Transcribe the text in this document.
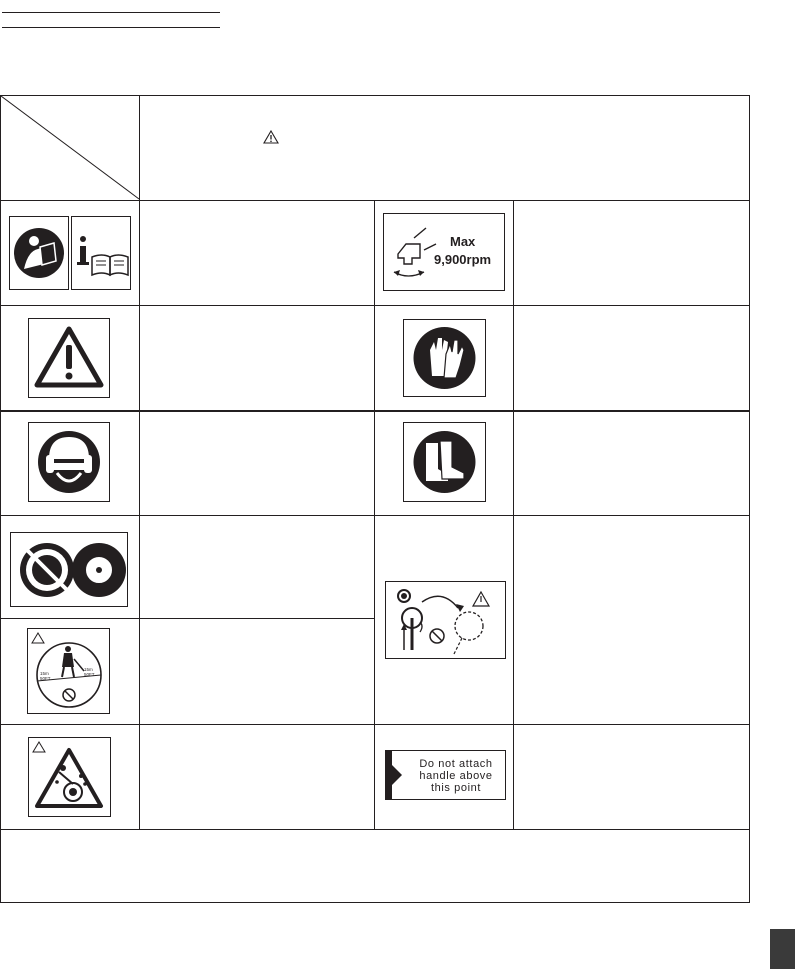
Max
9,900rpm
15m 50FT
15m 50FT
Do not attach
handle above
this point
